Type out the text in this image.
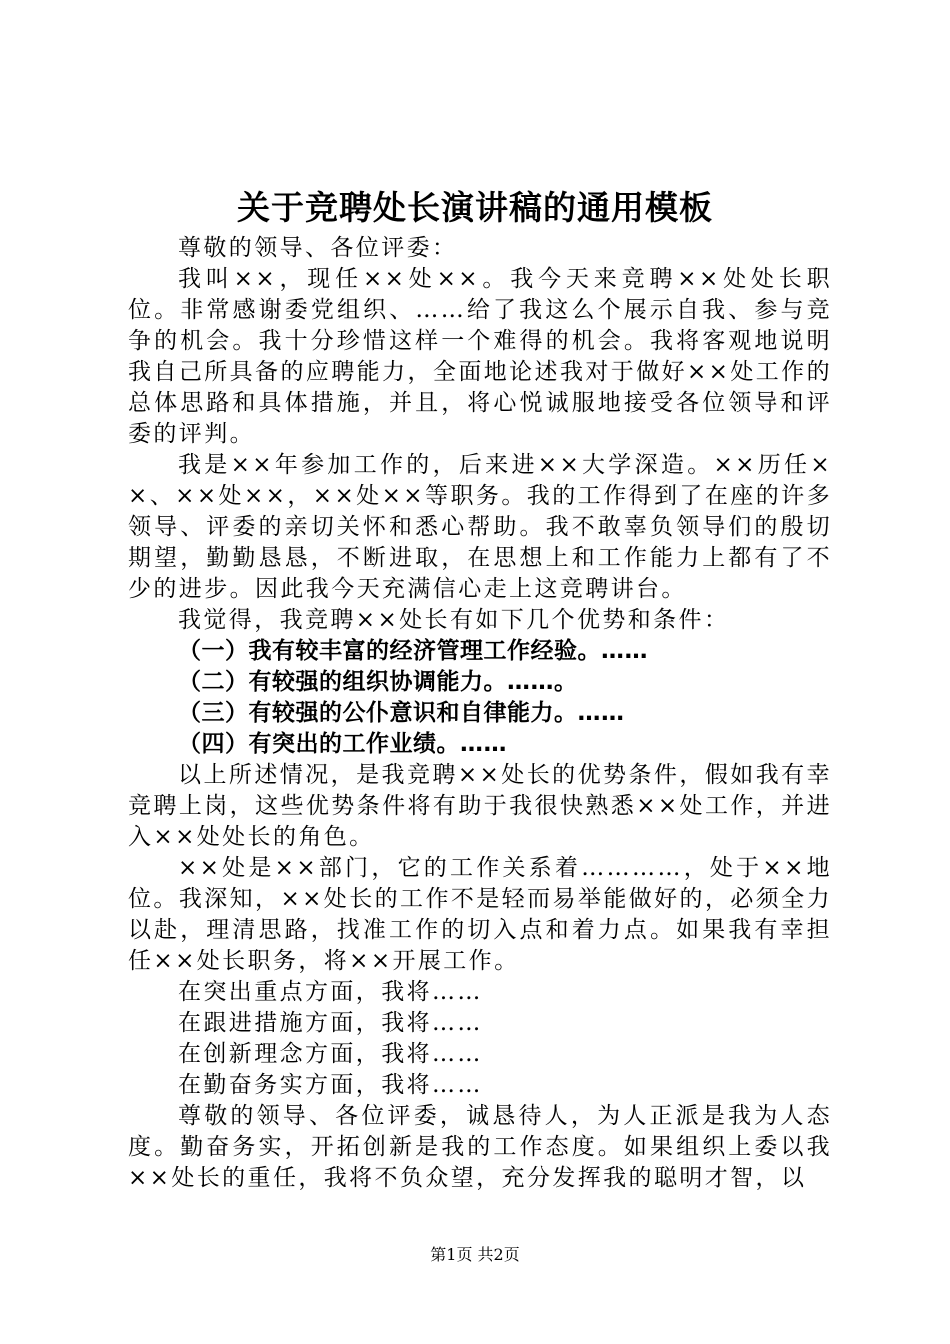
关于竞聘处长演讲稿的通用模板

尊敬的领导、各位评委：

我叫××，现任××处××。我今天来竞聘××处处长职位。非常感谢委党组织、……给了我这么个展示自我、参与竞争的机会。我十分珍惜这样一个难得的机会。我将客观地说明我自己所具备的应聘能力，全面地论述我对于做好××处工作的总体思路和具体措施，并且，将心悦诚服地接受各位领导和评委的评判。

我是××年参加工作的，后来进××大学深造。××历任××、××处××，××处××等职务。我的工作得到了在座的许多领导、评委的亲切关怀和悉心帮助。我不敢辜负领导们的殷切期望，勤勤恳恳，不断进取，在思想上和工作能力上都有了不少的进步。因此我今天充满信心走上这竞聘讲台。

我觉得，我竞聘××处长有如下几个优势和条件：

（一）我有较丰富的经济管理工作经验。……

（二）有较强的组织协调能力。……。

（三）有较强的公仆意识和自律能力。……

（四）有突出的工作业绩。……

以上所述情况，是我竞聘××处长的优势条件，假如我有幸竞聘上岗，这些优势条件将有助于我很快熟悉××处工作，并进入××处处长的角色。

××处是××部门，它的工作关系着…………，处于××地位。我深知，××处长的工作不是轻而易举能做好的，必须全力以赴，理清思路，找准工作的切入点和着力点。如果我有幸担任××处长职务，将××开展工作。

在突出重点方面，我将……

在跟进措施方面，我将……

在创新理念方面，我将……

在勤奋务实方面，我将……

尊敬的领导、各位评委，诚恳待人，为人正派是我为人态度。勤奋务实，开拓创新是我的工作态度。如果组织上委以我××处长的重任，我将不负众望，充分发挥我的聪明才智，以

第1页 共2页
